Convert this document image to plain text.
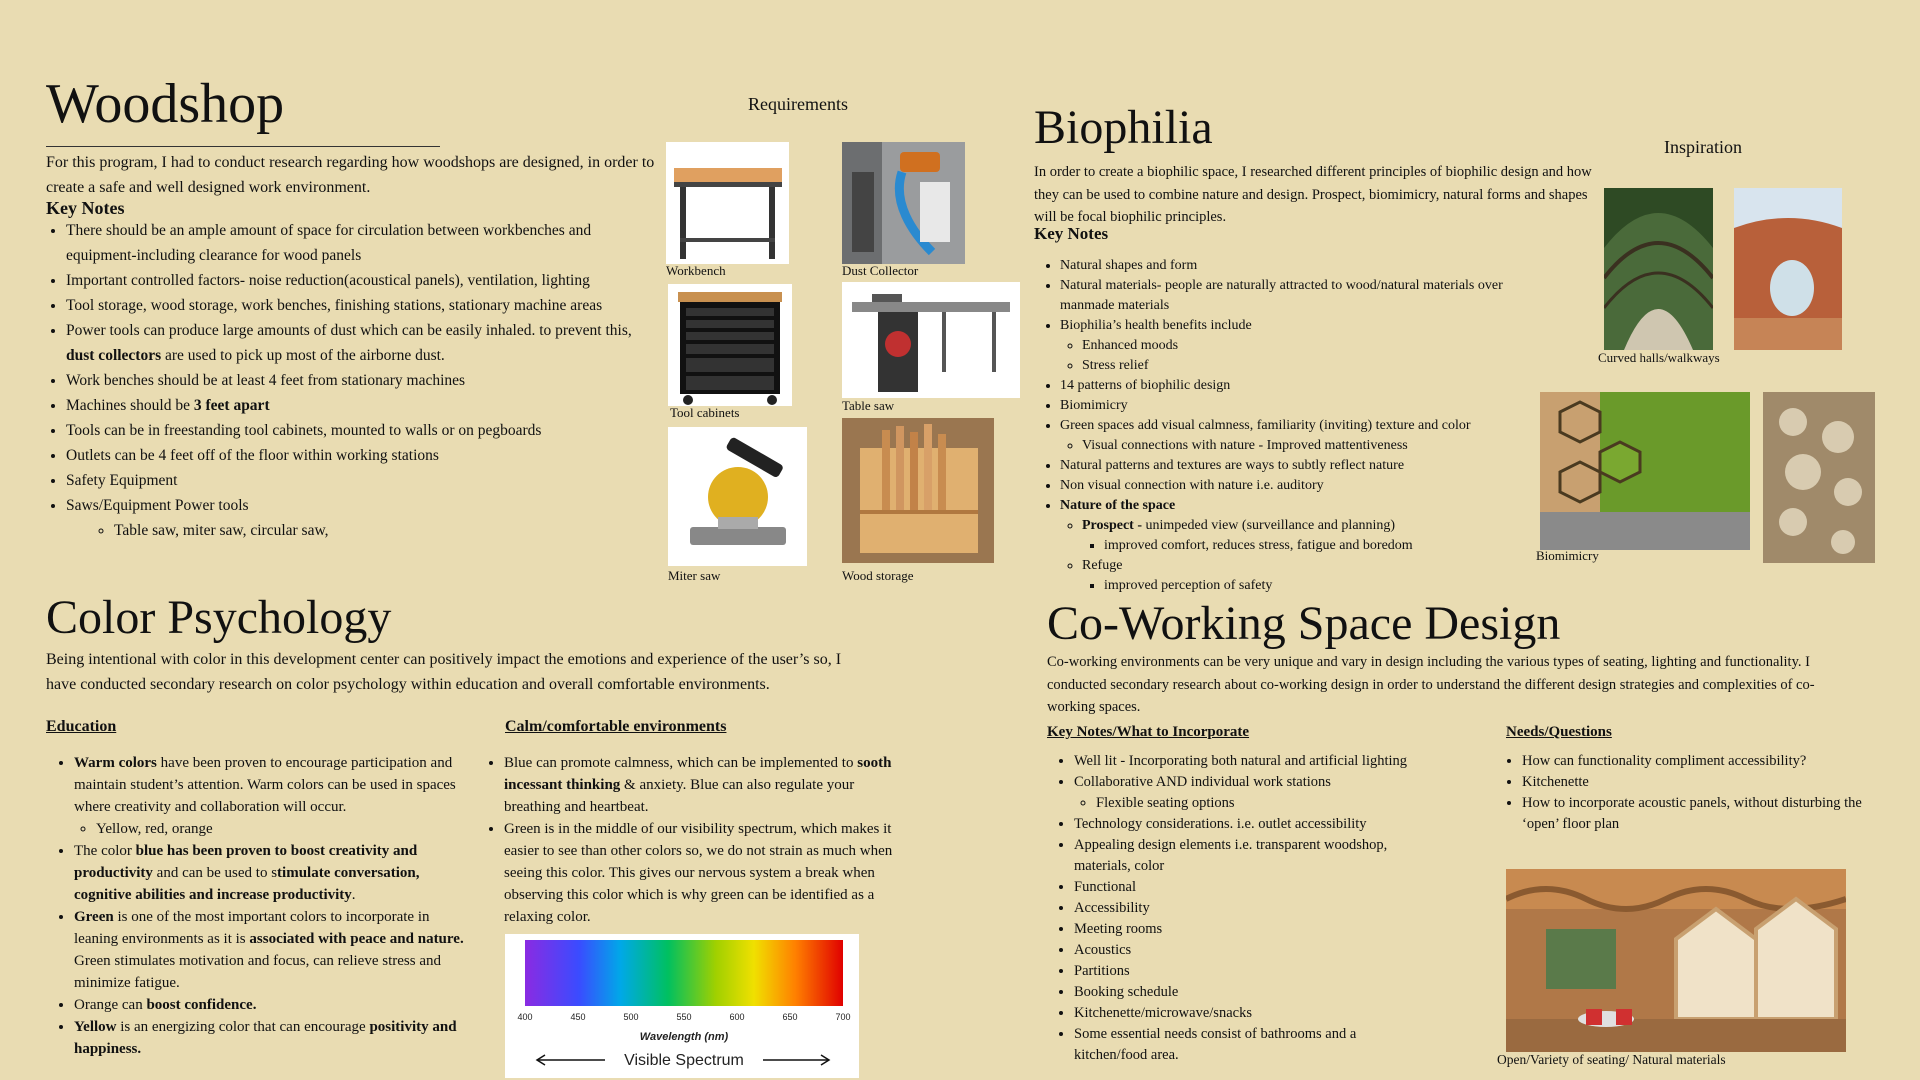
Woodshop
For this program, I had to conduct research regarding how woodshops are designed, in order to create a safe and well designed work environment.
Key Notes
• There should be an ample amount of space for circulation between workbenches and equipment-including clearance for wood panels
• Important controlled factors- noise reduction(acoustical panels), ventilation, lighting
• Tool storage, wood storage, work benches, finishing stations, stationary machine areas
• Power tools can produce large amounts of dust which can be easily inhaled. to prevent this, dust collectors are used to pick up most of the airborne dust.
• Work benches should be at least 4 feet from stationary machines
• Machines should be 3 feet apart
• Tools can be in freestanding tool cabinets, mounted to walls or on pegboards
• Outlets can be 4 feet off of the floor within working stations
• Safety Equipment
• Saws/Equipment Power tools
◦ Table saw, miter saw, circular saw,
Requirements
Workbench	Dust Collector
Tool cabinets	Table saw
Miter saw	Wood storage
Biophilia
In order to create a biophilic space, I researched different principles of biophilic design and how they can be used to combine nature and design. Prospect, biomimicry, natural forms and shapes will be focal biophilic principles.
Key Notes
• Natural shapes and form
• Natural materials- people are naturally attracted to wood/natural materials over manmade materials
• Biophilia’s health benefits include
◦ Enhanced moods
◦ Stress relief
• 14 patterns of biophilic design
• Biomimicry
• Green spaces add visual calmness, familiarity (inviting) texture and color
◦ Visual connections with nature - Improved mattentiveness
• Natural patterns and textures are ways to subtly reflect nature
• Non visual connection with nature i.e. auditory
• Nature of the space
◦ Prospect - unimpeded view (surveillance and planning)
▪ improved comfort, reduces stress, fatigue and boredom
◦ Refuge
▪ improved perception of safety
Inspiration
Curved halls/walkways
Biomimicry
Color Psychology
Being intentional with color in this development center can positively impact the emotions and experience of the user’s so, I have conducted secondary research on color psychology within education and overall comfortable environments.
Education
• Warm colors have been proven to encourage participation and maintain student’s attention. Warm colors can be used in spaces where creativity and collaboration will occur.
◦ Yellow, red, orange
• The color blue has been proven to boost creativity and productivity and can be used to stimulate conversation, cognitive abilities and increase productivity.
• Green is one of the most important colors to incorporate in leaning environments as it is associated with peace and nature. Green stimulates motivation and focus, can relieve stress and minimize fatigue.
• Orange can boost confidence.
• Yellow is an energizing color that can encourage positivity and happiness.
Calm/comfortable environments
• Blue can promote calmness, which can be implemented to sooth incessant thinking & anxiety. Blue can also regulate your breathing and heartbeat.
• Green is in the middle of our visibility spectrum, which makes it easier to see than other colors so, we do not strain as much when seeing this color. This gives our nervous system a break when observing this color which is why green can be identified as a relaxing color.
400	450	500	550	600	650	700
Wavelength (nm)
Visible Spectrum
Co-Working Space Design
Co-working environments can be very unique and vary in design including the various types of seating, lighting and functionality. I conducted secondary research about co-working design in order to understand the different design strategies and complexities of co-working spaces.
Key Notes/What to Incorporate
• Well lit - Incorporating both natural and artificial lighting
• Collaborative AND individual work stations
◦ Flexible seating options
• Technology considerations. i.e. outlet accessibility
• Appealing design elements i.e. transparent woodshop, materials, color
• Functional
• Accessibility
• Meeting rooms
• Acoustics
• Partitions
• Booking schedule
• Kitchenette/microwave/snacks
• Some essential needs consist of bathrooms and a kitchen/food area.
Needs/Questions
• How can functionality compliment accessibility?
• Kitchenette
• How to incorporate acoustic panels, without disturbing the ‘open’ floor plan
Open/Variety of seating/ Natural materials
